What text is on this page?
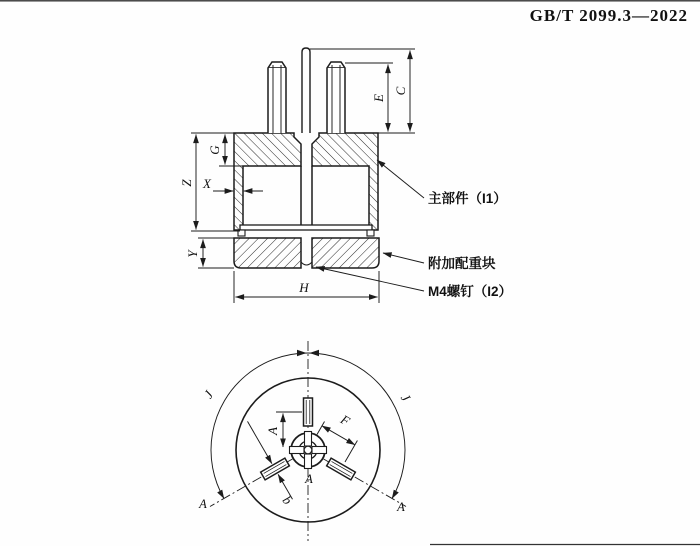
GB/T 2099.3—2022
E
C
G
Z X
Y
H
主部件（I1）
附加配重块
M4螺钉（I2）
J	J
A	A
A
A
F
b
